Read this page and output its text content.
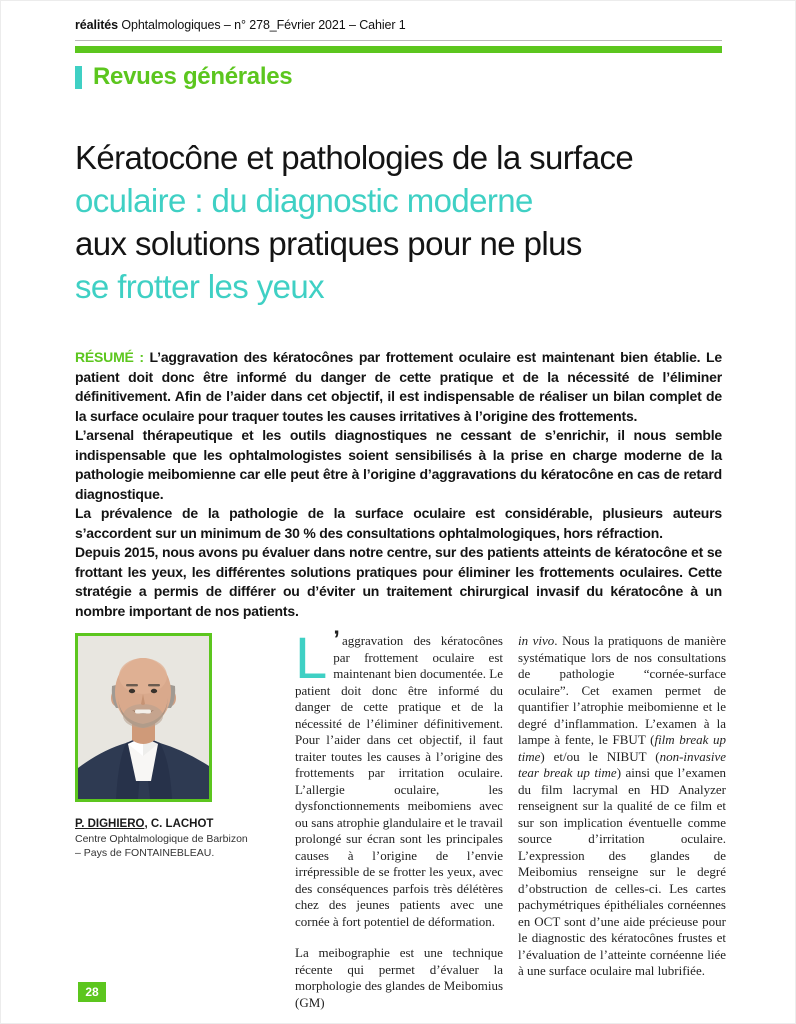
réalités Ophtalmologiques – n° 278_Février 2021 – Cahier 1
Revues générales
Kératocône et pathologies de la surface
oculaire : du diagnostic moderne
aux solutions pratiques pour ne plus
se frotter les yeux

RÉSUMÉ : L’aggravation des kératocônes par frottement oculaire est maintenant bien établie. Le patient doit donc être informé du danger de cette pratique et de la nécessité de l’éliminer définitivement. Afin de l’aider dans cet objectif, il est indispensable de réaliser un bilan complet de la surface oculaire pour traquer toutes les causes irritatives à l’origine des frottements.

L’arsenal thérapeutique et les outils diagnostiques ne cessant de s’enrichir, il nous semble indispensable que les ophtalmologistes soient sensibilisés à la prise en charge moderne de la pathologie meibomienne car elle peut être à l’origine d’aggravations du kératocône en cas de retard diagnostique.

La prévalence de la pathologie de la surface oculaire est considérable, plusieurs auteurs s’accordent sur un minimum de 30 % des consultations ophtalmologiques, hors réfraction.

Depuis 2015, nous avons pu évaluer dans notre centre, sur des patients atteints de kératocône et se frottant les yeux, les différentes solutions pratiques pour éliminer les frottements oculaires. Cette stratégie a permis de différer ou d’éviter un traitement chirurgical invasif du kératocône à un nombre important de nos patients.

P. DIGHIERO, C. LACHOT
Centre Ophtalmologique de Barbizon
– Pays de FONTAINEBLEAU.

L ’ aggravation des kératocônes par frottement oculaire est maintenant bien documentée. Le patient doit donc être informé du danger de cette pratique et de la nécessité de l’éliminer définitivement. Pour l’aider dans cet objectif, il faut traiter toutes les causes à l’origine des frottements par irritation oculaire. L’allergie oculaire, les dysfonctionnements meibomiens avec ou sans atrophie glandulaire et le travail prolongé sur écran sont les principales causes à l’origine de l’envie irrépressible de se frotter les yeux, avec des conséquences parfois très délétères chez des jeunes patients avec une cornée à fort potentiel de déformation.

La meibographie est une technique récente qui permet d’évaluer la morphologie des glandes de Meibomius (GM)

in vivo. Nous la pratiquons de manière systématique lors de nos consultations de pathologie “cornée-surface oculaire”. Cet examen permet de quantifier l’atrophie meibomienne et le degré d’inflammation. L’examen à la lampe à fente, le FBUT (film break up time) et/ou le NIBUT (non-invasive tear break up time) ainsi que l’examen du film lacrymal en HD Analyzer renseignent sur la qualité de ce film et sur son implication éventuelle comme source d’irritation oculaire. L’expression des glandes de Meibomius renseigne sur le degré d’obstruction de celles-ci. Les cartes pachymétriques épithéliales cornéennes en OCT sont d’une aide précieuse pour le diagnostic des kératocônes frustes et l’évaluation de l’atteinte cornéenne liée à une surface oculaire mal lubrifiée.

28
